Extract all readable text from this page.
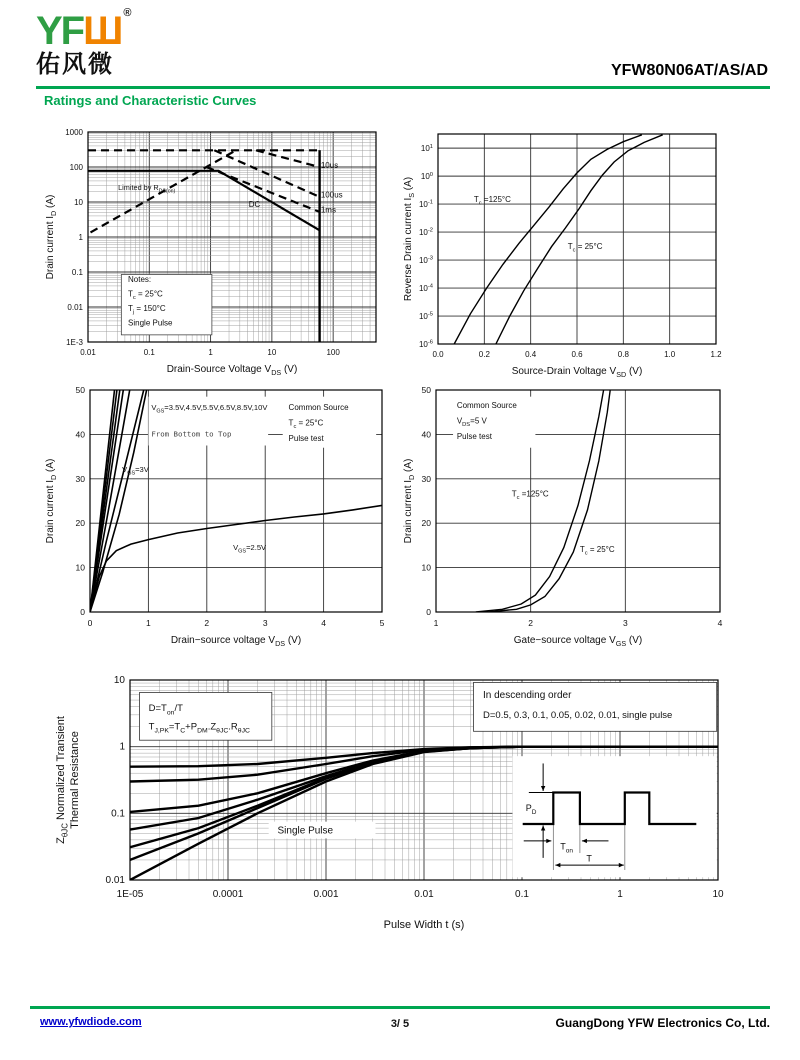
YFШ®
佑风微	YFW80N06AT/AS/AD
Ratings and Characteristic Curves
Limited by $R_{DS(on)}$
DC
10us
100us
1ms
Notes:
$T_c = 25^\circ C$
$T_j = 150^\circ C$
Single Pulse
0.01	0.1	1	10	100
1000
100
10
1
0.1
0.01
1E-3
Drain-Source Voltage $V_{DS}$ (V)
Drain current $I_D$ (A)	$T_c =125^\circ C$
$T_c = 25^\circ C$
0.0	0.2	0.4	0.6	0.8	1.0	1.2
$10^1$
$10^0$
$10^{-1}$
$10^{-2}$
$10^{-3}$
$10^{-4}$
$10^{-5}$
$10^{-6}$
Source-Drain Voltage $V_{SD}$ (V)
Reverse Drain current $I_S$ (A)
$V_{GS}=3.5V,4.5V,5.5V,6.5V,8.5V,10V$
From Bottom to Top
Common Source
$T_c = 25^\circ C$
Pulse test
$V_{GS}=3V$
$V_{GS}=2.5V$
0	1	2	3	4	5
0
10
20
30
40
50
Drain−source voltage $V_{DS}$ (V)
Drain current $I_D$ (A)
Common Source
$V_{DS}=5$ V
Pulse test
$T_c =125^\circ C$
$T_c = 25^\circ C$
1	2	3	4
0
10
20
30
40
50
Gate−source voltage $V_{GS}$ (V)
Drain current $I_D$ (A)
$P_D$
$T_{on}$
T
$D=T_{on}/T$
$T_{J,PK}=T_C+P_{DM}.Z_{\theta JC}.R_{\theta JC}$
In descending order
D=0.5, 0.3, 0.1, 0.05, 0.02, 0.01, single pulse
Single Pulse
1E-05	0.0001	0.001	0.01	0.1	1	10
10
1
0.1
0.01
Pulse Width t (s)
$Z_{\theta JC}$ Normalized Transient Thermal Resistance
www.yfwdiode.com	3/ 5	GuangDong YFW Electronics Co, Ltd.
